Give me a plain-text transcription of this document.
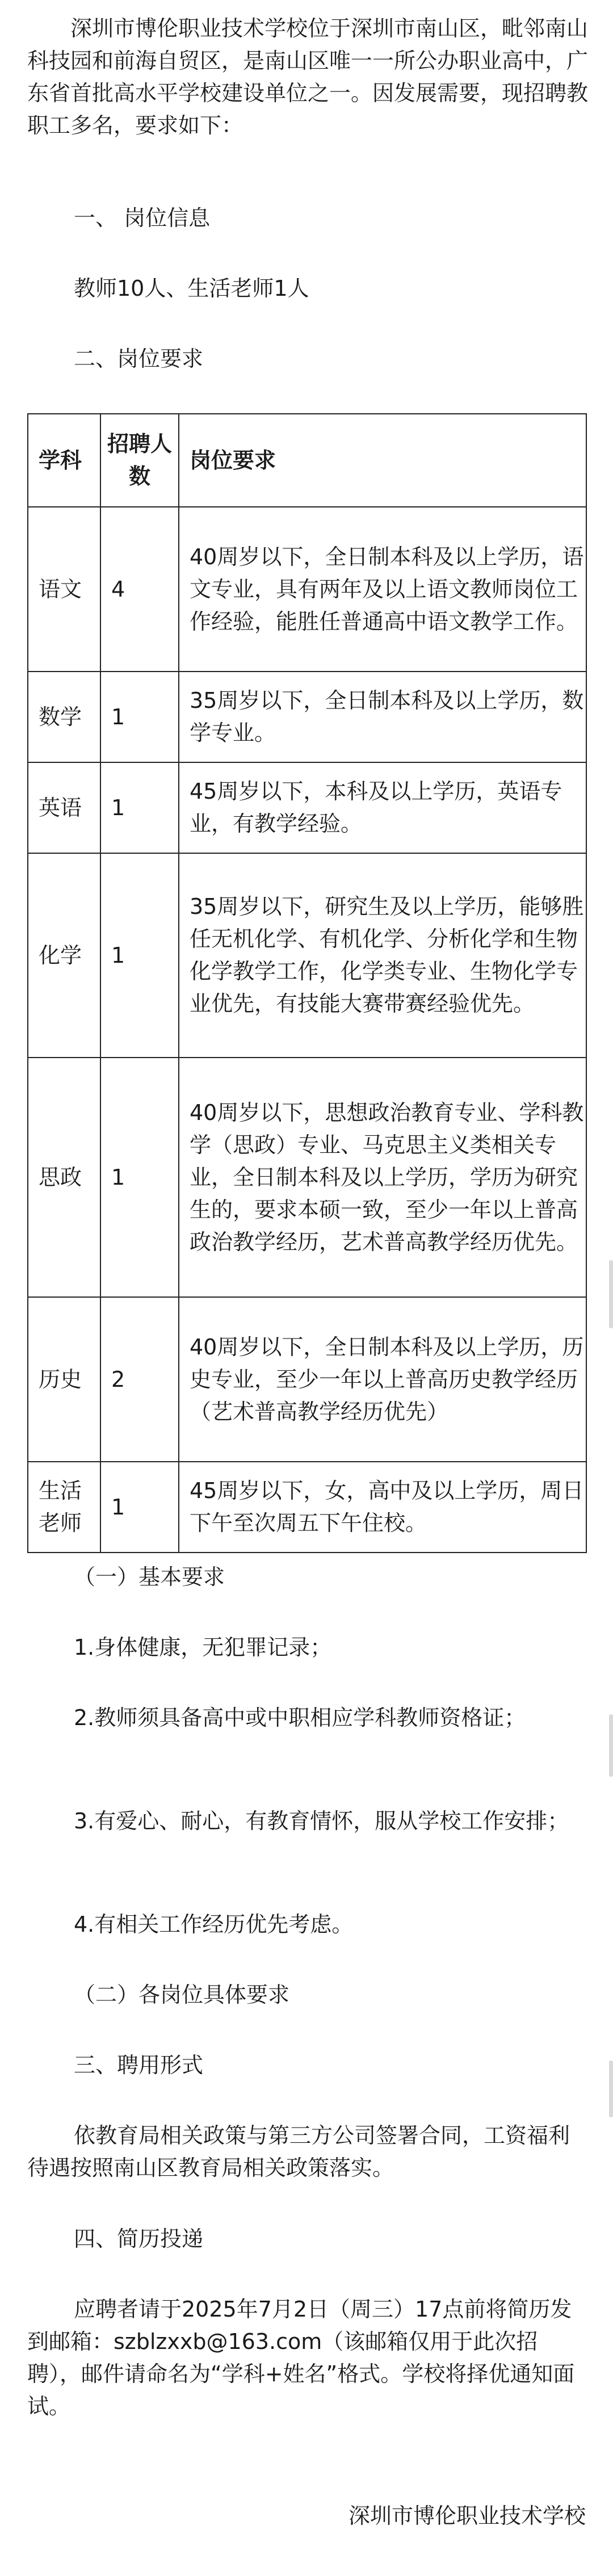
深圳市博伦职业技术学校位于深圳市南山区，毗邻南山科技园和前海自贸区，是南山区唯一一所公办职业高中，广东省首批高水平学校建设单位之一。因发展需要，现招聘教职工多名，要求如下：

一、 岗位信息

教师10人、生活老师1人

二、岗位要求

学科	招聘人数	岗位要求
语文	4	40周岁以下，全日制本科及以上学历，语文专业，具有两年及以上语文教师岗位工作经验，能胜任普通高中语文教学工作。
数学	1	35周岁以下，全日制本科及以上学历，数学专业。
英语	1	45周岁以下，本科及以上学历，英语专业，有教学经验。
化学	1	35周岁以下，研究生及以上学历，能够胜任无机化学、有机化学、分析化学和生物化学教学工作，化学类专业、生物化学专业优先，有技能大赛带赛经验优先。
思政	1	40周岁以下，思想政治教育专业、学科教学（思政）专业、马克思主义类相关专业，全日制本科及以上学历，学历为研究生的，要求本硕一致，至少一年以上普高政治教学经历，艺术普高教学经历优先。
历史	2	40周岁以下，全日制本科及以上学历，历史专业，至少一年以上普高历史教学经历（艺术普高教学经历优先）
生活老师	1	45周岁以下，女，高中及以上学历，周日下午至次周五下午住校。

（一）基本要求

1.身体健康，无犯罪记录；

2.教师须具备高中或中职相应学科教师资格证；

3.有爱心、耐心，有教育情怀，服从学校工作安排；

4.有相关工作经历优先考虑。

（二）各岗位具体要求

三、聘用形式

依教育局相关政策与第三方公司签署合同，工资福利待遇按照南山区教育局相关政策落实。

四、简历投递

应聘者请于2025年7月2日（周三）17点前将简历发到邮箱：szblzxxb@163.com（该邮箱仅用于此次招聘），邮件请命名为“学科+姓名”格式。学校将择优通知面试。

深圳市博伦职业技术学校
